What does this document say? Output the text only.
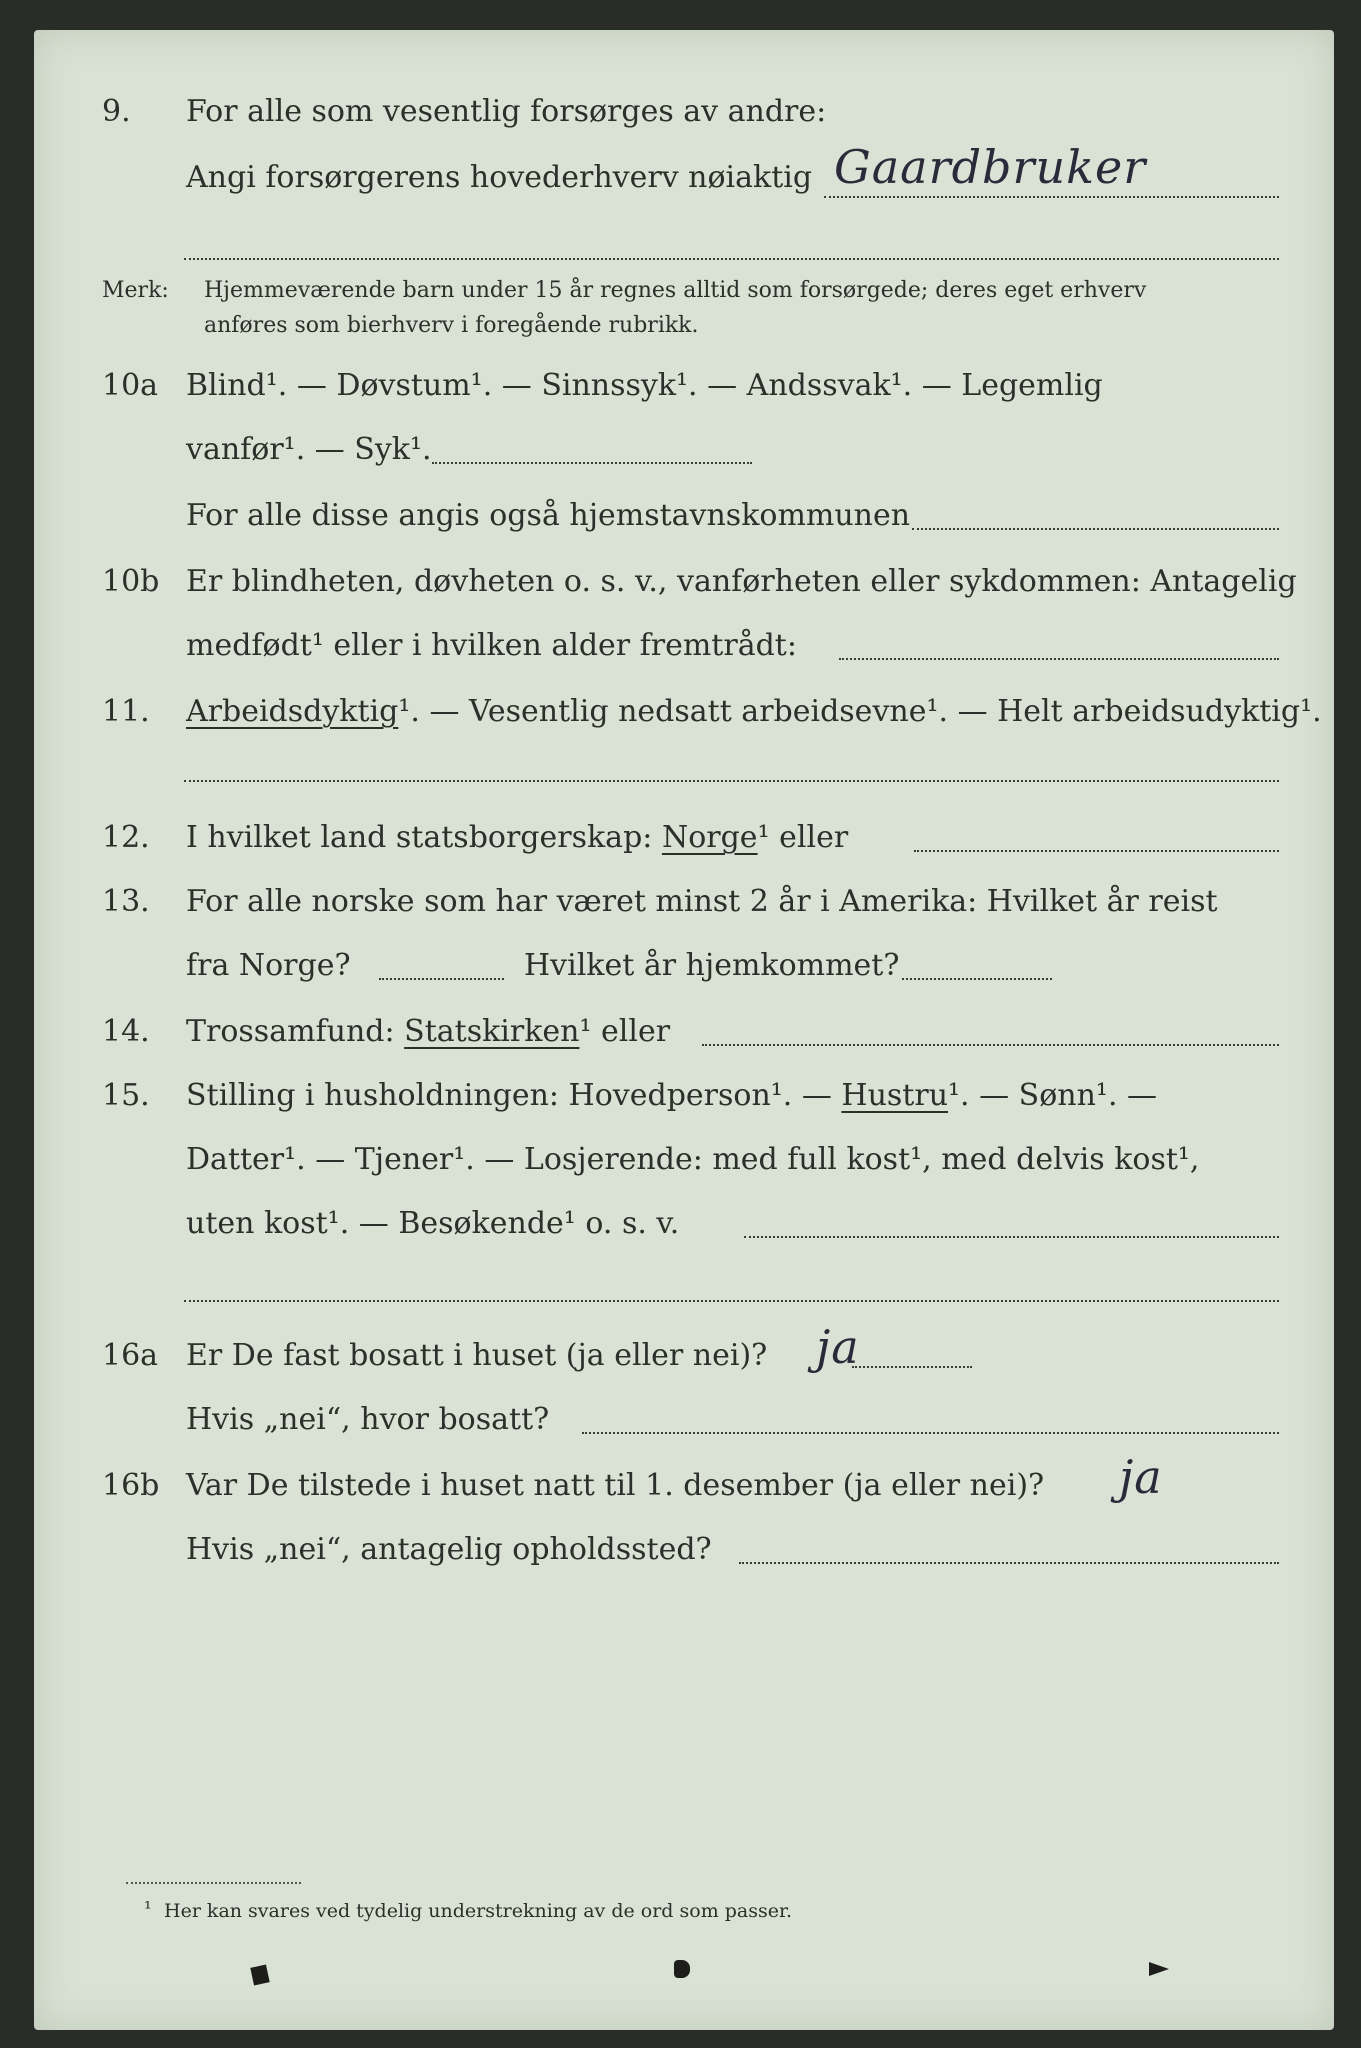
9. For alle som vesentlig forsørges av andre:
Angi forsørgerens hovederhverv nøiaktig Gaardbruker
Merk: Hjemmeværende barn under 15 år regnes alltid som forsørgede; deres eget erhverv
anføres som bierhverv i foregående rubrikk.
10a Blind¹. — Døvstum¹. — Sinnssyk¹. — Andssvak¹. — Legemlig
vanfør¹. — Syk¹.
For alle disse angis også hjemstavnskommunen
10b Er blindheten, døvheten o. s. v., vanførheten eller sykdommen: Antagelig
medfødt¹ eller i hvilken alder fremtrådt:
11. Arbeidsdyktig¹. — Vesentlig nedsatt arbeidsevne¹. — Helt arbeidsudyktig¹.
12. I hvilket land statsborgerskap: Norge¹ eller
13. For alle norske som har været minst 2 år i Amerika: Hvilket år reist
fra Norge?	Hvilket år hjemkommet?
14. Trossamfund: Statskirken¹ eller
15. Stilling i husholdningen: Hovedperson¹. — Hustru¹. — Sønn¹. —
Datter¹. — Tjener¹. — Losjerende: med full kost¹, med delvis kost¹,
uten kost¹. — Besøkende¹ o. s. v.
16a Er De fast bosatt i huset (ja eller nei)? ja
Hvis „nei“, hvor bosatt?
16b Var De tilstede i huset natt til 1. desember (ja eller nei)? ja
Hvis „nei“, antagelig opholdssted?
¹ Her kan svares ved tydelig understrekning av de ord som passer.
